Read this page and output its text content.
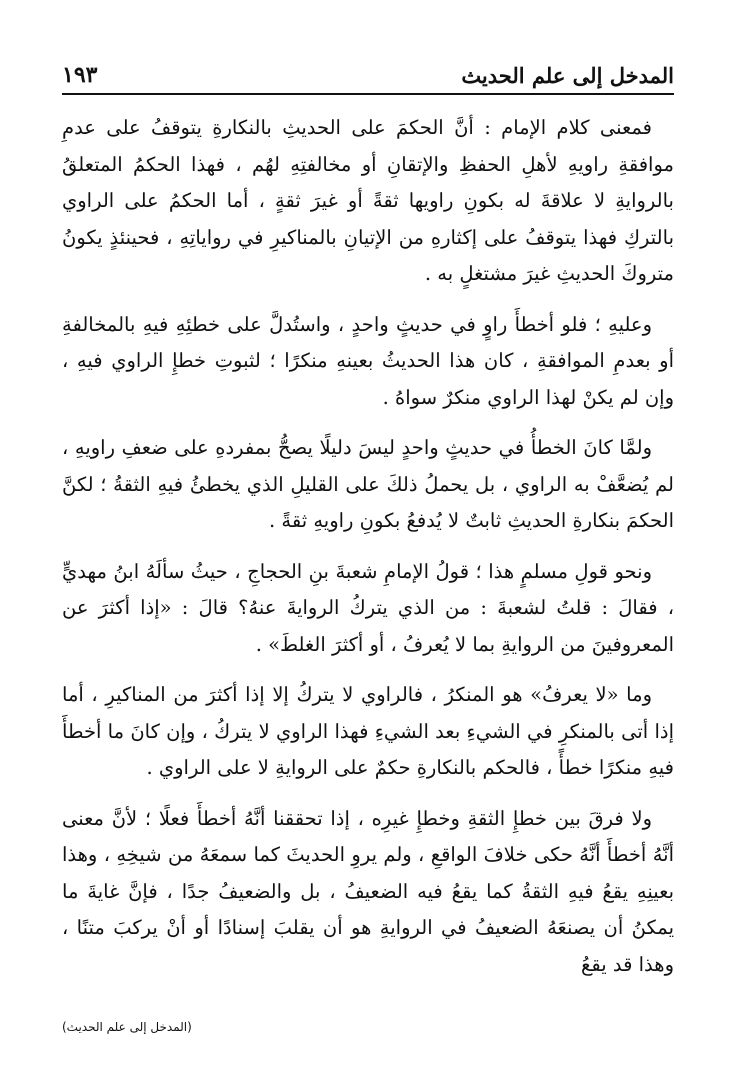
المدخل إلى علم الحديث
١٩٣

فمعنى كلام الإمام : أنَّ الحكمَ على الحديثِ بالنكارةِ يتوقفُ على عدمِ موافقةِ راويهِ لأهلِ الحفظِ والإتقانِ أو مخالفتِهِ لهُم ، فهذا الحكمُ المتعلقُ بالروايةِ لا علاقةَ له بكونِ راويها ثقةً أو غيرَ ثقةٍ ، أما الحكمُ على الراوي بالتركِ فهذا يتوقفُ على إكثارهِ من الإتيانِ بالمناكيرِ في رواياتِهِ ، فحينئذٍ يكونُ متروكَ الحديثِ غيرَ مشتغلٍ به .

وعليهِ ؛ فلو أخطأَ راوٍ في حديثٍ واحدٍ ، واستُدلَّ على خطئِهِ فيهِ بالمخالفةِ أو بعدمِ الموافقةِ ، كان هذا الحديثُ بعينهِ منكرًا ؛ لثبوتِ خطإِ الراوي فيهِ ، وإن لم يكنْ لهذا الراوي منكرٌ سواهُ .

ولمَّا كانَ الخطأُ في حديثٍ واحدٍ ليسَ دليلًا يصحُّ بمفردهِ على ضعفِ راويهِ ، لم يُضعَّفْ به الراوي ، بل يحملُ ذلكَ على القليلِ الذي يخطئُ فيهِ الثقةُ ؛ لكنَّ الحكمَ بنكارةِ الحديثِ ثابتٌ لا يُدفعُ بكونِ راويهِ ثقةً .

ونحو قولِ مسلمٍ هذا ؛ قولُ الإمامِ شعبةَ بنِ الحجاجِ ، حيثُ سألَهُ ابنُ مهديٍّ ، فقالَ : قلتُ لشعبةَ : من الذي يتركُ الروايةَ عنهُ؟ قالَ : «إذا أكثرَ عن المعروفينَ من الروايةِ بما لا يُعرفُ ، أو أكثرَ الغلطَ» .

وما «لا يعرفُ» هو المنكرُ ، فالراوي لا يتركُ إلا إذا أكثرَ من المناكيرِ ، أما إذا أتى بالمنكرِ في الشيءِ بعد الشيءِ فهذا الراوي لا يتركُ ، وإن كانَ ما أخطأَ فيهِ منكرًا خطأً ، فالحكم بالنكارةِ حكمٌ على الروايةِ لا على الراوي .

ولا فرقَ بين خطإِ الثقةِ وخطإِ غيرِه ، إذا تحققنا أنَّهُ أخطأَ فعلًا ؛ لأنَّ معنى أنَّهُ أخطأَ أنَّهُ حكى خلافَ الواقعِ ، ولم يروِ الحديثَ كما سمعَهُ من شيخِهِ ، وهذا بعينِهِ يقعُ فيهِ الثقةُ كما يقعُ فيه الضعيفُ ، بل والضعيفُ جدًا ، فإنَّ غايةَ ما يمكنُ أن يصنعَهُ الضعيفُ في الروايةِ هو أن يقلبَ إسنادًا أو أنْ يركبَ متنًا ، وهذا قد يقعُ

(المدخل إلى علم الحديث)
